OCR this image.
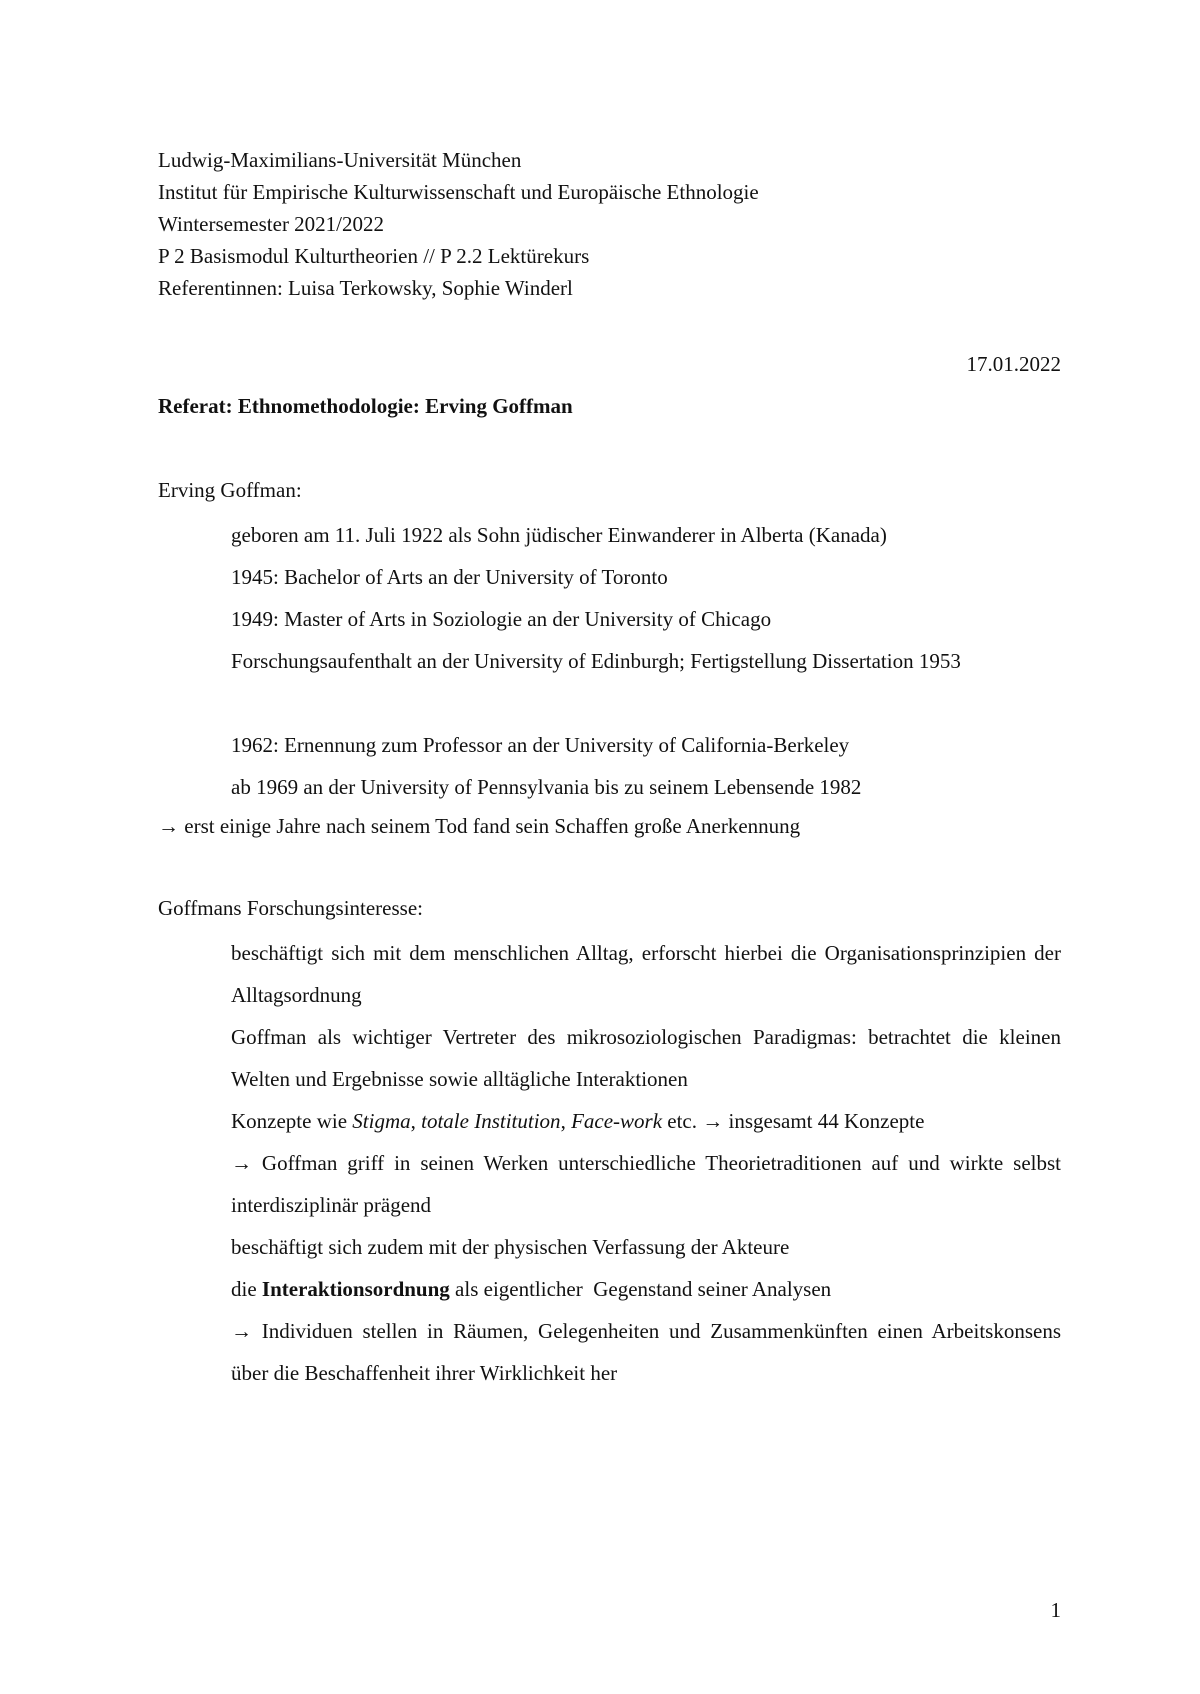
Ludwig-Maximilians-Universität München

Institut für Empirische Kulturwissenschaft und Europäische Ethnologie

Wintersemester 2021/2022

P 2 Basismodul Kulturtheorien // P 2.2 Lektürekurs

Referentinnen: Luisa Terkowsky, Sophie Winderl

17.01.2022

Referat: Ethnomethodologie: Erving Goffman

Erving Goffman:

geboren am 11. Juli 1922 als Sohn jüdischer Einwanderer in Alberta (Kanada)

1945: Bachelor of Arts an der University of Toronto

1949: Master of Arts in Soziologie an der University of Chicago

Forschungsaufenthalt an der University of Edinburgh; Fertigstellung Dissertation 1953

1962: Ernennung zum Professor an der University of California-Berkeley

ab 1969 an der University of Pennsylvania bis zu seinem Lebensende 1982

→ erst einige Jahre nach seinem Tod fand sein Schaffen große Anerkennung

Goffmans Forschungsinteresse:

beschäftigt sich mit dem menschlichen Alltag, erforscht hierbei die Organisationsprinzipien der Alltagsordnung

Goffman als wichtiger Vertreter des mikrosoziologischen Paradigmas: betrachtet die kleinen Welten und Ergebnisse sowie alltägliche Interaktionen

Konzepte wie Stigma, totale Institution, Face-work etc. → insgesamt 44 Konzepte

→ Goffman griff in seinen Werken unterschiedliche Theorietraditionen auf und wirkte selbst interdisziplinär prägend

beschäftigt sich zudem mit der physischen Verfassung der Akteure

die Interaktionsordnung als eigentlicher  Gegenstand seiner Analysen

→ Individuen stellen in Räumen, Gelegenheiten und Zusammenkünften einen Arbeitskonsens über die Beschaffenheit ihrer Wirklichkeit her

1
